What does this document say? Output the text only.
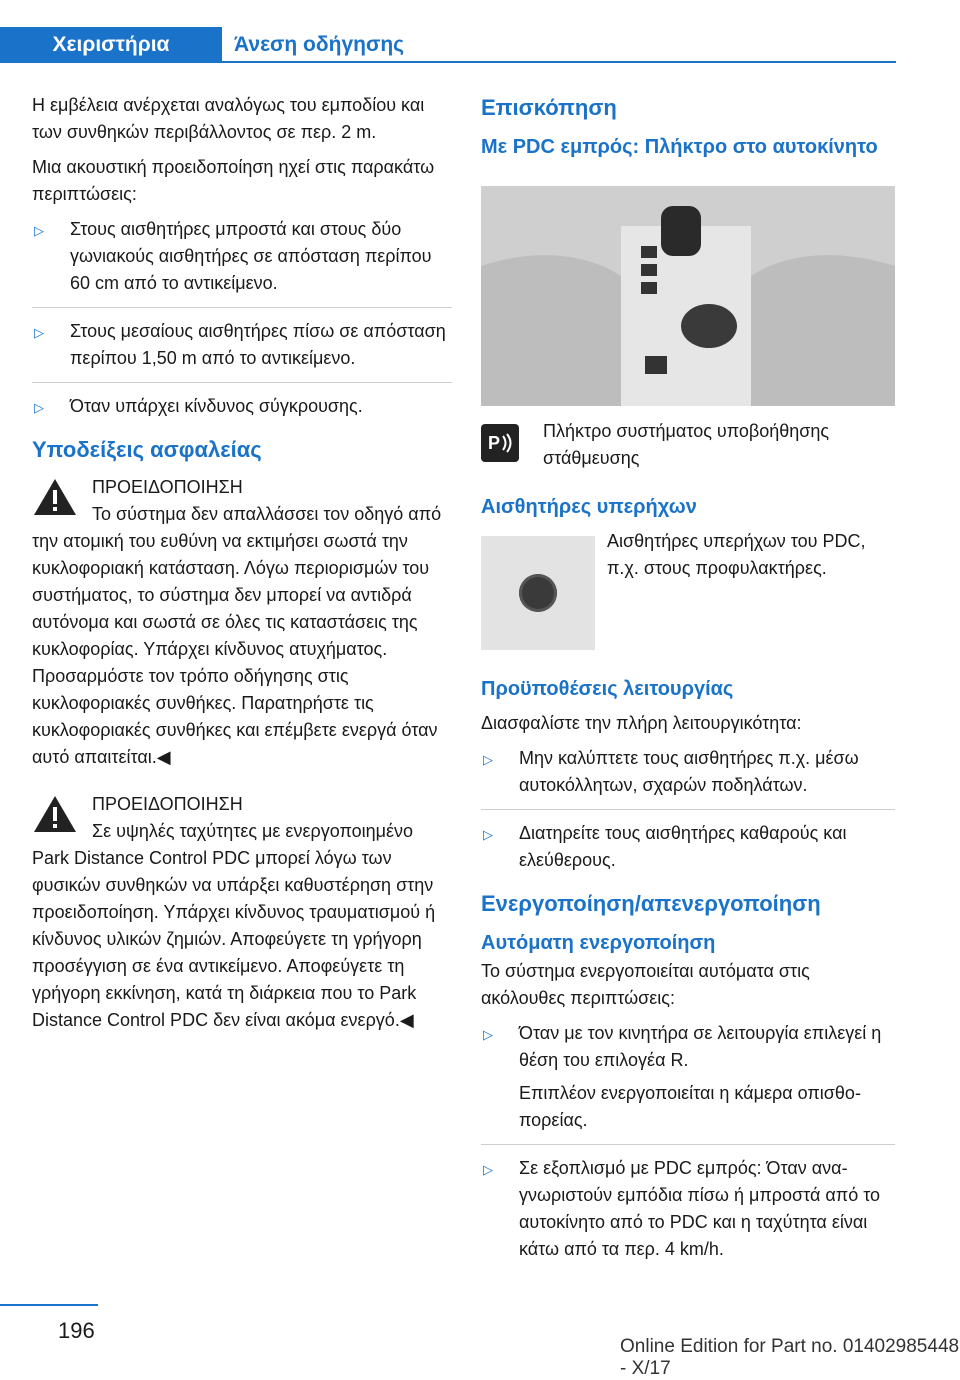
Χειριστήρια	Άνεση οδήγησης

Η εμβέλεια ανέρχεται αναλόγως του εμποδίου και των συνθηκών περιβάλλοντος σε περ. 2 m.

Μια ακουστική προειδοποίηση ηχεί στις παρακάτω περιπτώσεις:

▷ Στους αισθητήρες μπροστά και στους δύο γωνιακούς αισθητήρες σε απόσταση περίπου 60 cm από το αντικείμενο.
▷ Στους μεσαίους αισθητήρες πίσω σε απόσταση περίπου 1,50 m από το αντικείμενο.
▷ Όταν υπάρχει κίνδυνος σύγκρουσης.
Υποδείξεις ασφαλείας
ΠΡΟΕΙΔΟΠΟΙΗΣΗ
Το σύστημα δεν απαλλάσσει τον οδηγό από την ατομική του ευθύνη να εκτιμήσει σωστά την κυκλοφοριακή κατάσταση. Λόγω περιορισμών του συστήματος, το σύστημα δεν μπορεί να αντιδρά αυτόνομα και σωστά σε όλες τις καταστάσεις της κυκλοφορίας. Υπάρχει κίνδυνος ατυχήματος. Προσαρμόστε τον τρόπο οδήγησης στις κυκλοφοριακές συνθήκες. Παρατηρήστε τις κυκλοφοριακές συνθήκες και επέμβετε ενεργά όταν αυτό απαιτείται.◀
ΠΡΟΕΙΔΟΠΟΙΗΣΗ
Σε υψηλές ταχύτητες με ενεργοποιημένο Park Distance Control PDC μπορεί λόγω των φυσικών συνθηκών να υπάρξει καθυστέρηση στην προειδοποίηση. Υπάρχει κίνδυνος τραυματισμού ή κίνδυνος υλικών ζημιών. Αποφεύγετε τη γρήγορη προσέγγιση σε ένα αντικείμενο. Αποφεύγετε τη γρήγορη εκκίνηση, κατά τη διάρκεια που το Park Distance Control PDC δεν είναι ακόμα ενεργό.◀
Επισκόπηση
Με PDC εμπρός: Πλήκτρο στο αυτοκίνητο
P
Πλήκτρο συστήματος υποβοήθησης στάθμευσης
Αισθητήρες υπερήχων
Αισθητήρες υπερήχων του PDC, π.χ. στους προφυλακτήρες.
Προϋποθέσεις λειτουργίας

Διασφαλίστε την πλήρη λειτουργικότητα:

▷ Μην καλύπτετε τους αισθητήρες π.χ. μέσω αυτοκόλλητων, σχαρών ποδηλάτων.
▷ Διατηρείτε τους αισθητήρες καθαρούς και ελεύθερους.
Ενεργοποίηση/απενεργοποίηση
Αυτόματη ενεργοποίηση

Το σύστημα ενεργοποιείται αυτόματα στις ακόλουθες περιπτώσεις:

▷ Όταν με τον κινητήρα σε λειτουργία επιλεγεί η θέση του επιλογέα R.
Επιπλέον ενεργοποιείται η κάμερα οπισθοπορείας.
▷ Σε εξοπλισμό με PDC εμπρός: Όταν αναγνωριστούν εμπόδια πίσω ή μπροστά από το αυτοκίνητο από το PDC και η ταχύτητα είναι κάτω από τα περ. 4 km/h.
196
Online Edition for Part no. 01402985448 - X/17
